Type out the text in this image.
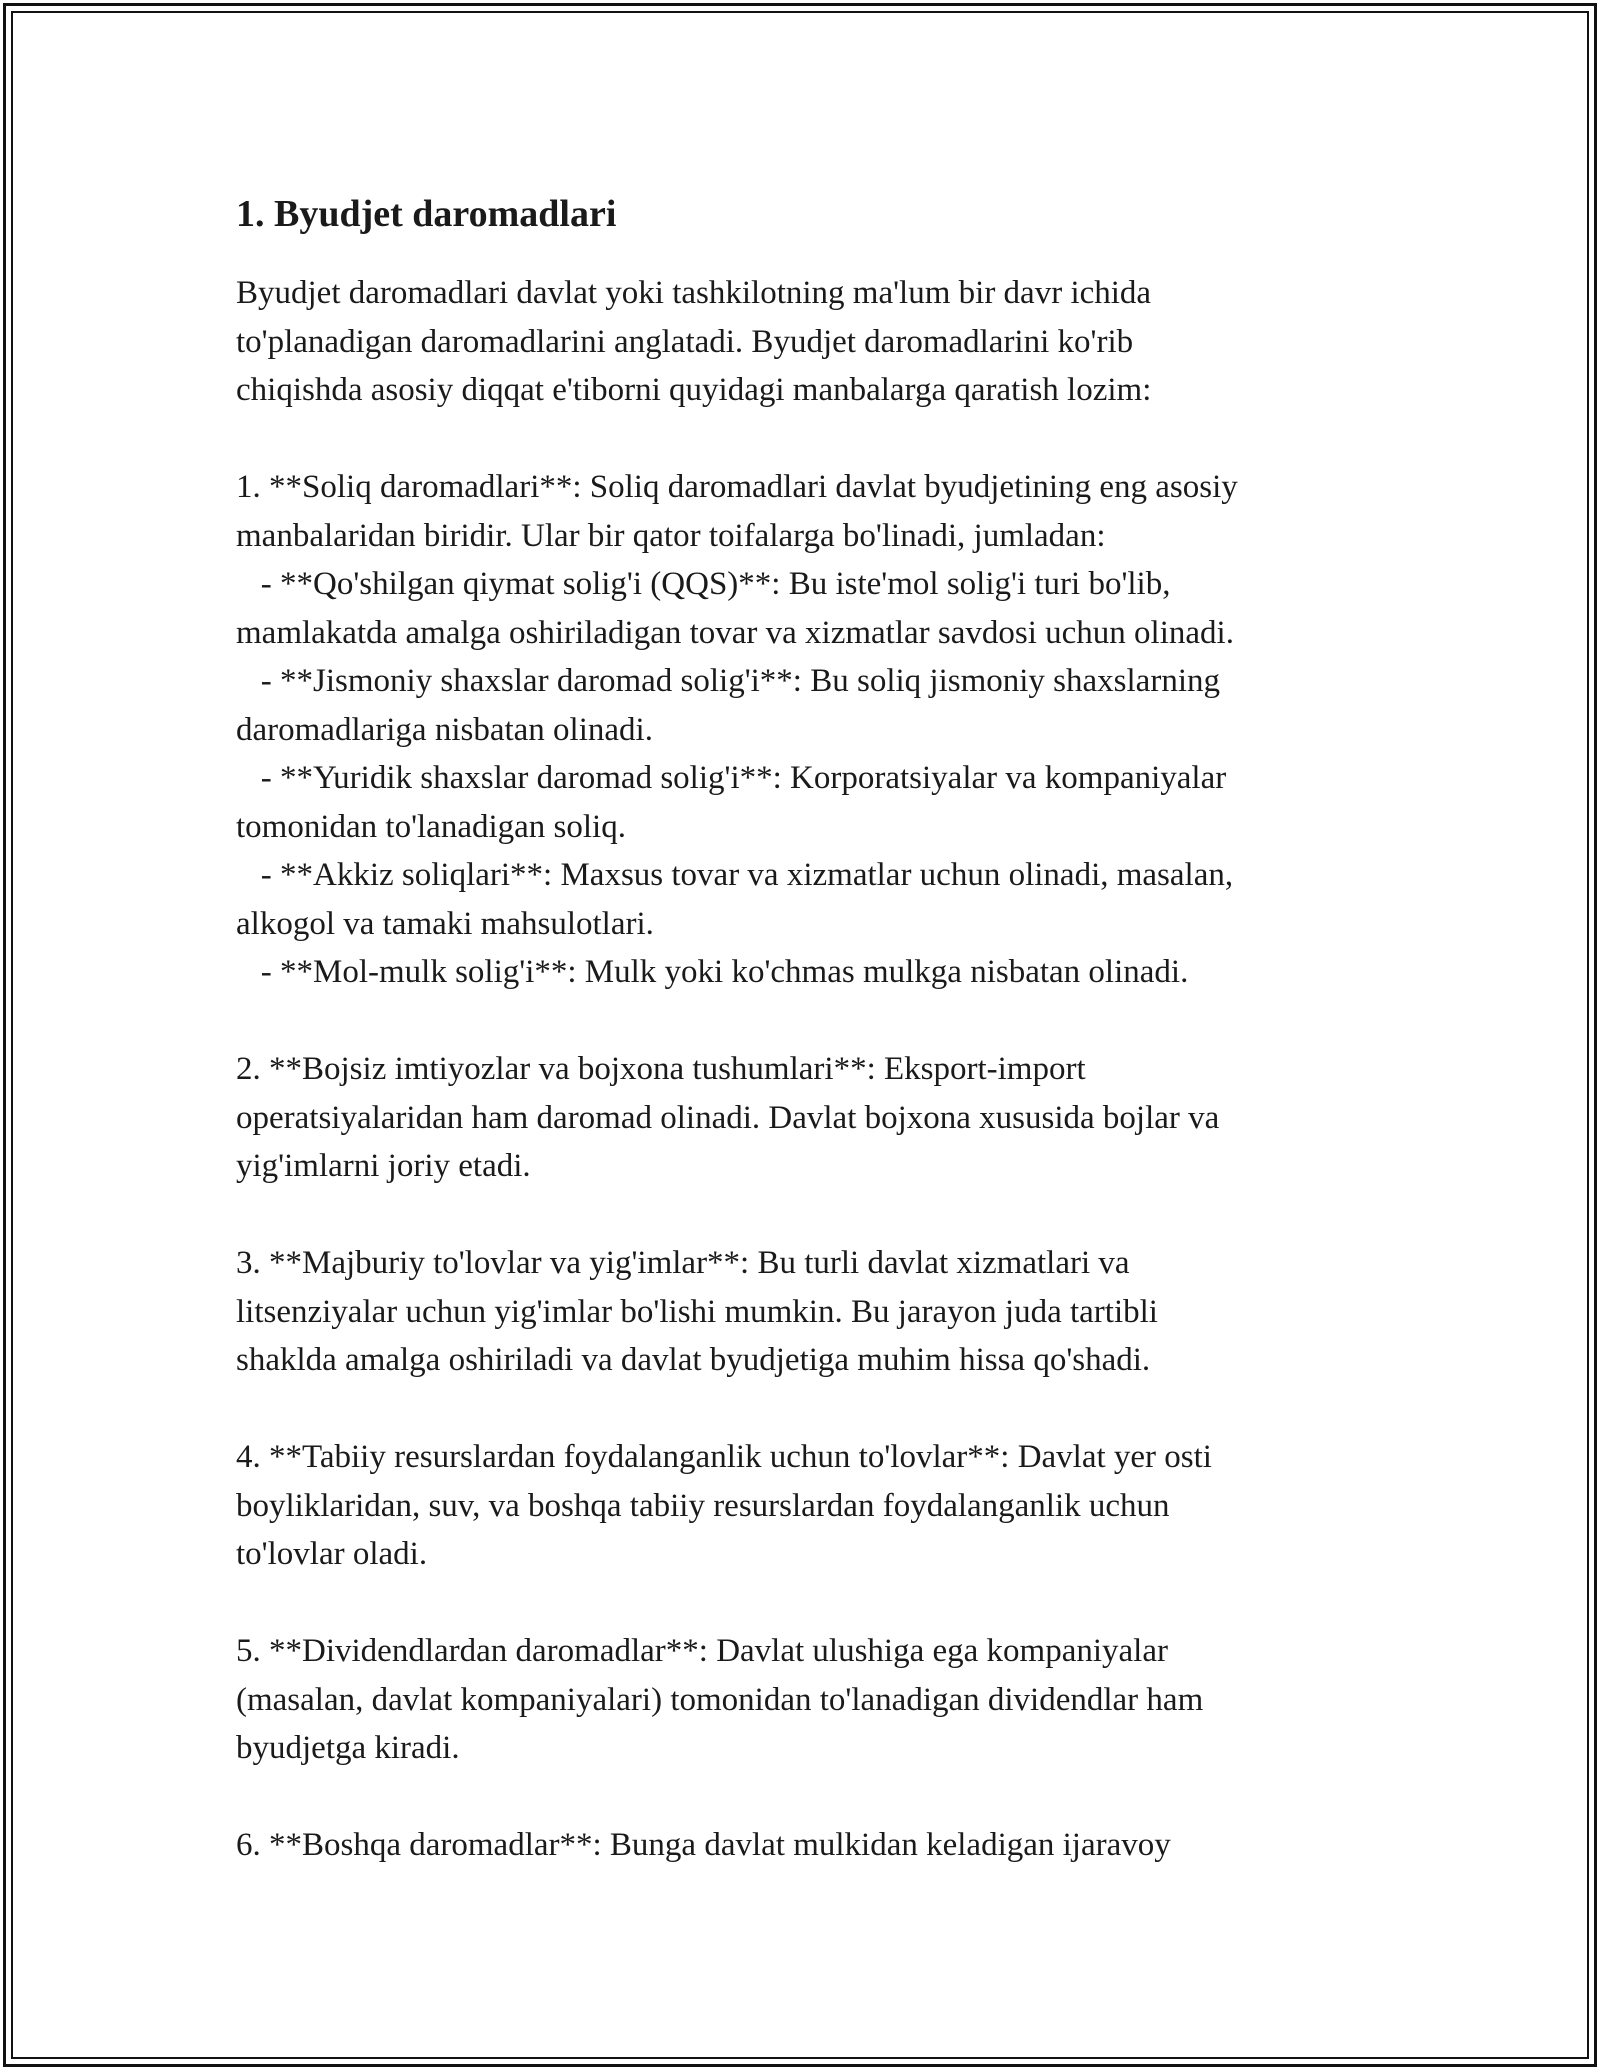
1. Byudjet daromadlari
Byudjet daromadlari davlat yoki tashkilotning ma'lum bir davr ichida
to'planadigan daromadlarini anglatadi. Byudjet daromadlarini ko'rib
chiqishda asosiy diqqat e'tiborni quyidagi manbalarga qaratish lozim:

1. **Soliq daromadlari**: Soliq daromadlari davlat byudjetining eng asosiy
manbalaridan biridir. Ular bir qator toifalarga bo'linadi, jumladan:
- **Qo'shilgan qiymat solig'i (QQS)**: Bu iste'mol solig'i turi bo'lib,
mamlakatda amalga oshiriladigan tovar va xizmatlar savdosi uchun olinadi.
- **Jismoniy shaxslar daromad solig'i**: Bu soliq jismoniy shaxslarning
daromadlariga nisbatan olinadi.
- **Yuridik shaxslar daromad solig'i**: Korporatsiyalar va kompaniyalar
tomonidan to'lanadigan soliq.
- **Akkiz soliqlari**: Maxsus tovar va xizmatlar uchun olinadi, masalan,
alkogol va tamaki mahsulotlari.
- **Mol-mulk solig'i**: Mulk yoki ko'chmas mulkga nisbatan olinadi.

2. **Bojsiz imtiyozlar va bojxona tushumlari**: Eksport-import
operatsiyalaridan ham daromad olinadi. Davlat bojxona xususida bojlar va
yig'imlarni joriy etadi.

3. **Majburiy to'lovlar va yig'imlar**: Bu turli davlat xizmatlari va
litsenziyalar uchun yig'imlar bo'lishi mumkin. Bu jarayon juda tartibli
shaklda amalga oshiriladi va davlat byudjetiga muhim hissa qo'shadi.

4. **Tabiiy resurslardan foydalanganlik uchun to'lovlar**: Davlat yer osti
boyliklaridan, suv, va boshqa tabiiy resurslardan foydalanganlik uchun
to'lovlar oladi.

5. **Dividendlardan daromadlar**: Davlat ulushiga ega kompaniyalar
(masalan, davlat kompaniyalari) tomonidan to'lanadigan dividendlar ham
byudjetga kiradi.

6. **Boshqa daromadlar**: Bunga davlat mulkidan keladigan ijaravoy
